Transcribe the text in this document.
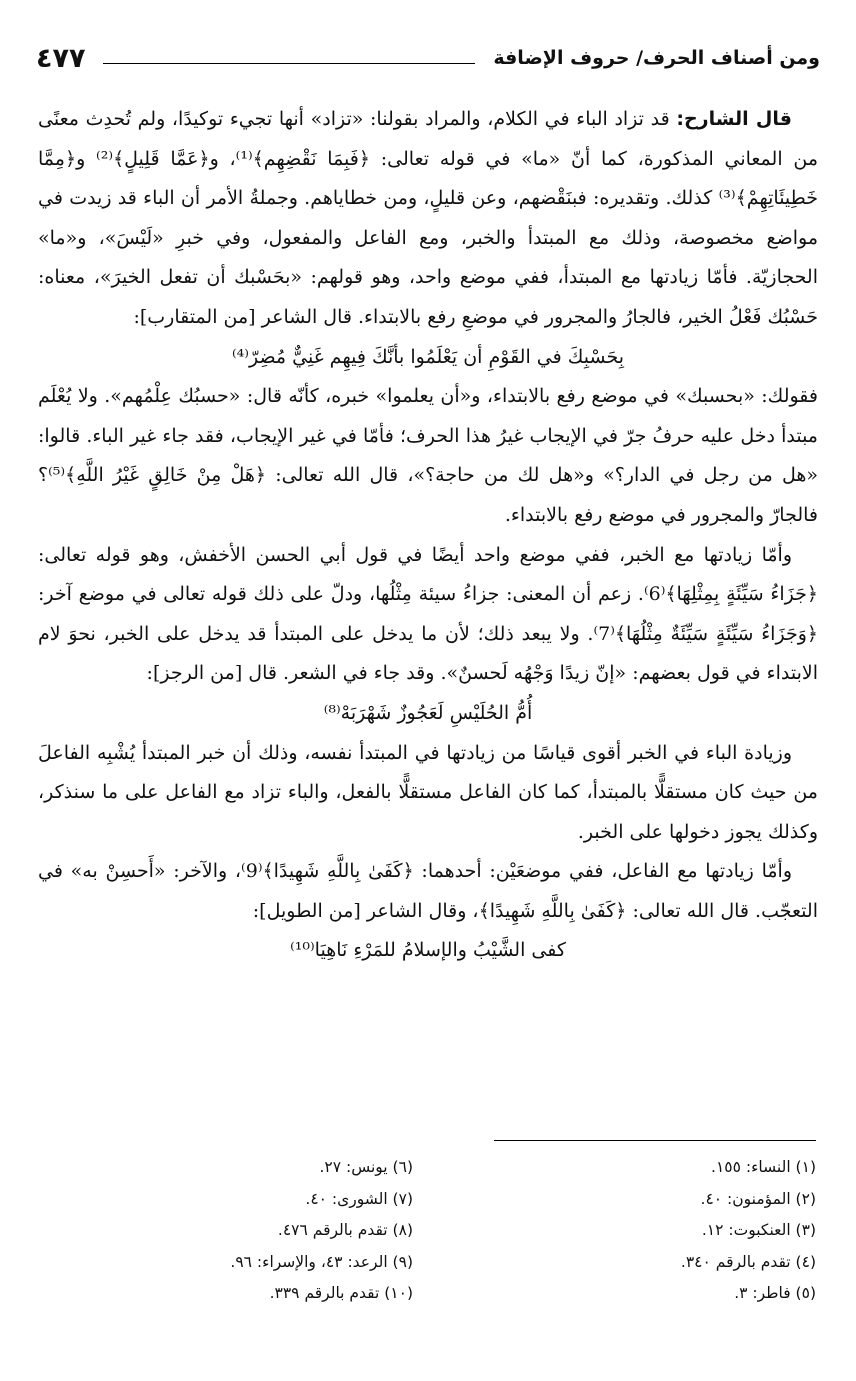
ومن أصناف الحرف/ حروف الإضافة
٤٧٧

قال الشارح: قد تزاد الباء في الكلام، والمراد بقولنا: «تزاد» أنها تجيء توكيدًا، ولم تُحدِث معنًى من المعاني المذكورة، كما أنّ «ما» في قوله تعالى: ﴿فَبِمَا نَقْضِهِم﴾⁽¹⁾، و﴿عَمَّا قَلِيلٍ﴾⁽²⁾ و﴿مِمَّا خَطِيئَاتِهِمْ﴾⁽³⁾ كذلك. وتقديره: فبنَقْضهم، وعن قليلٍ، ومن خطاياهم. وجملةُ الأمر أن الباء قد زيدت في مواضع مخصوصة، وذلك مع المبتدأ والخبر، ومع الفاعل والمفعول، وفي خبرِ «لَيْسَ»، و«ما» الحجازيّة. فأمّا زيادتها مع المبتدأ، ففي موضع واحد، وهو قولهم: «بحَسْبك أن تفعل الخيرَ»، معناه: حَسْبُك فَعْلُ الخير، فالجارُ والمجرور في موضعِ رفع بالابتداء. قال الشاعر [من المتقارب]:

بِحَسْبِكَ في القَوْمِ أن يَعْلَمُوا بأنَّكَ فِيهِم غَنِيٌّ مُضِرّ⁽⁴⁾

فقولك: «بحسبك» في موضع رفع بالابتداء، و«أن يعلموا» خبره، كأنّه قال: «حسبُك عِلْمُهم». ولا يُعْلَم مبتدأ دخل عليه حرفُ جرّ في الإيجاب غيرُ هذا الحرف؛ فأمّا في غير الإيجاب، فقد جاء غير الباء. قالوا: «هل من رجل في الدار؟» و«هل لك من حاجة؟»، قال الله تعالى: ﴿هَلْ مِنْ خَالِقٍ غَيْرُ اللَّهِ﴾⁽⁵⁾؟ فالجارّ والمجرور في موضع رفع بالابتداء.

وأمّا زيادتها مع الخبر، ففي موضع واحد أيضًا في قول أبي الحسن الأخفش، وهو قوله تعالى: ﴿جَزَاءُ سَيِّئَةٍ بِمِثْلِهَا﴾⁽6⁾. زعم أن المعنى: جزاءُ سيئة مِثْلُها، ودلّ على ذلك قوله تعالى في موضع آخر: ﴿وَجَزَاءُ سَيِّئَةٍ سَيِّئَةٌ مِثْلُهَا﴾⁽7⁾. ولا يبعد ذلك؛ لأن ما يدخل على المبتدأ قد يدخل على الخبر، نحوَ لام الابتداء في قول بعضهم: «إنّ زيدًا وَجْهُه لَحسنٌ». وقد جاء في الشعر. قال [من الرجز]:

أُمُّ الحُلَيْسِ لَعَجُوزٌ شَهْرَبَهْ⁽⁸⁾

وزيادة الباء في الخبر أقوى قياسًا من زيادتها في المبتدأ نفسه، وذلك أن خبر المبتدأ يُشْبِه الفاعلَ من حيث كان مستقلًّا بالمبتدأ، كما كان الفاعل مستقلًّا بالفعل، والباء تزاد مع الفاعل على ما سنذكر، وكذلك يجوز دخولها على الخبر.

وأمّا زيادتها مع الفاعل، ففي موضعَيْن: أحدهما: ﴿كَفَىٰ بِاللَّهِ شَهِيدًا﴾⁽9⁾، والآخر: «أَحسِنْ به» في التعجّب. قال الله تعالى: ﴿كَفَىٰ بِاللَّهِ شَهِيدًا﴾، وقال الشاعر [من الطويل]:

كفى الشَّيْبُ والإسلامُ للمَرْءِ نَاهِيَا⁽¹⁰⁾

(١) النساء: ١٥٥.
(٢) المؤمنون: ٤٠.
(٣) العنكبوت: ١٢.
(٤) تقدم بالرقم ٣٤٠.
(٥) فاطر: ٣.
(٦) يونس: ٢٧.
(٧) الشورى: ٤٠.
(٨) تقدم بالرقم ٤٧٦.
(٩) الرعد: ٤٣، والإسراء: ٩٦.
(١٠) تقدم بالرقم ٣٣٩.
